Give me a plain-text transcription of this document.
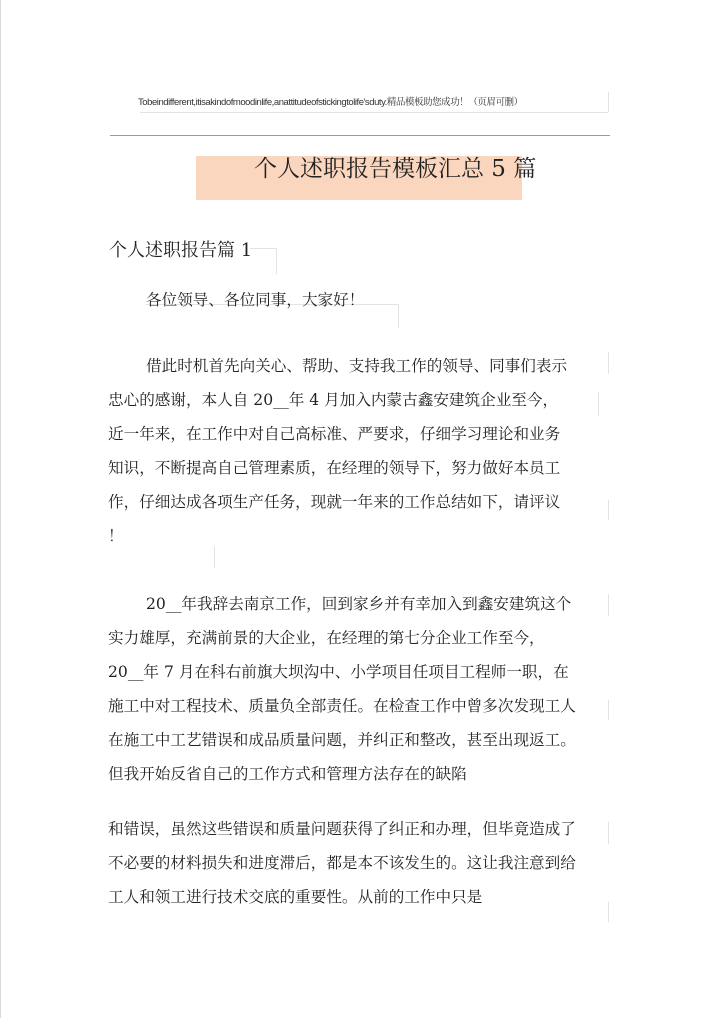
Tobeindifferent,itisakindofmoodinlife,anattitudeofstickingtolife'sduty.精品模板助您成功！（页眉可删）
个人述职报告模板汇总 5 篇
个人述职报告篇 1

各位领导、各位同事，大家好！

借此时机首先向关心、帮助、支持我工作的领导、同事们表示
忠心的感谢，本人自 20__年 4 月加入内蒙古鑫安建筑企业至今，
近一年来，在工作中对自己高标准、严要求，仔细学习理论和业务
知识，不断提高自己管理素质，在经理的领导下，努力做好本员工
作，仔细达成各项生产任务，现就一年来的工作总结如下，请评议
！

20__年我辞去南京工作，回到家乡并有幸加入到鑫安建筑这个
实力雄厚，充满前景的大企业，在经理的第七分企业工作至今，
20__年 7 月在科右前旗大坝沟中、小学项目任项目工程师一职，在
施工中对工程技术、质量负全部责任。在检查工作中曾多次发现工人
在施工中工艺错误和成品质量问题，并纠正和整改，甚至出现返工。
但我开始反省自己的工作方式和管理方法存在的缺陷

和错误，虽然这些错误和质量问题获得了纠正和办理，但毕竟造成了
不必要的材料损失和进度滞后，都是本不该发生的。这让我注意到给
工人和领工进行技术交底的重要性。从前的工作中只是
